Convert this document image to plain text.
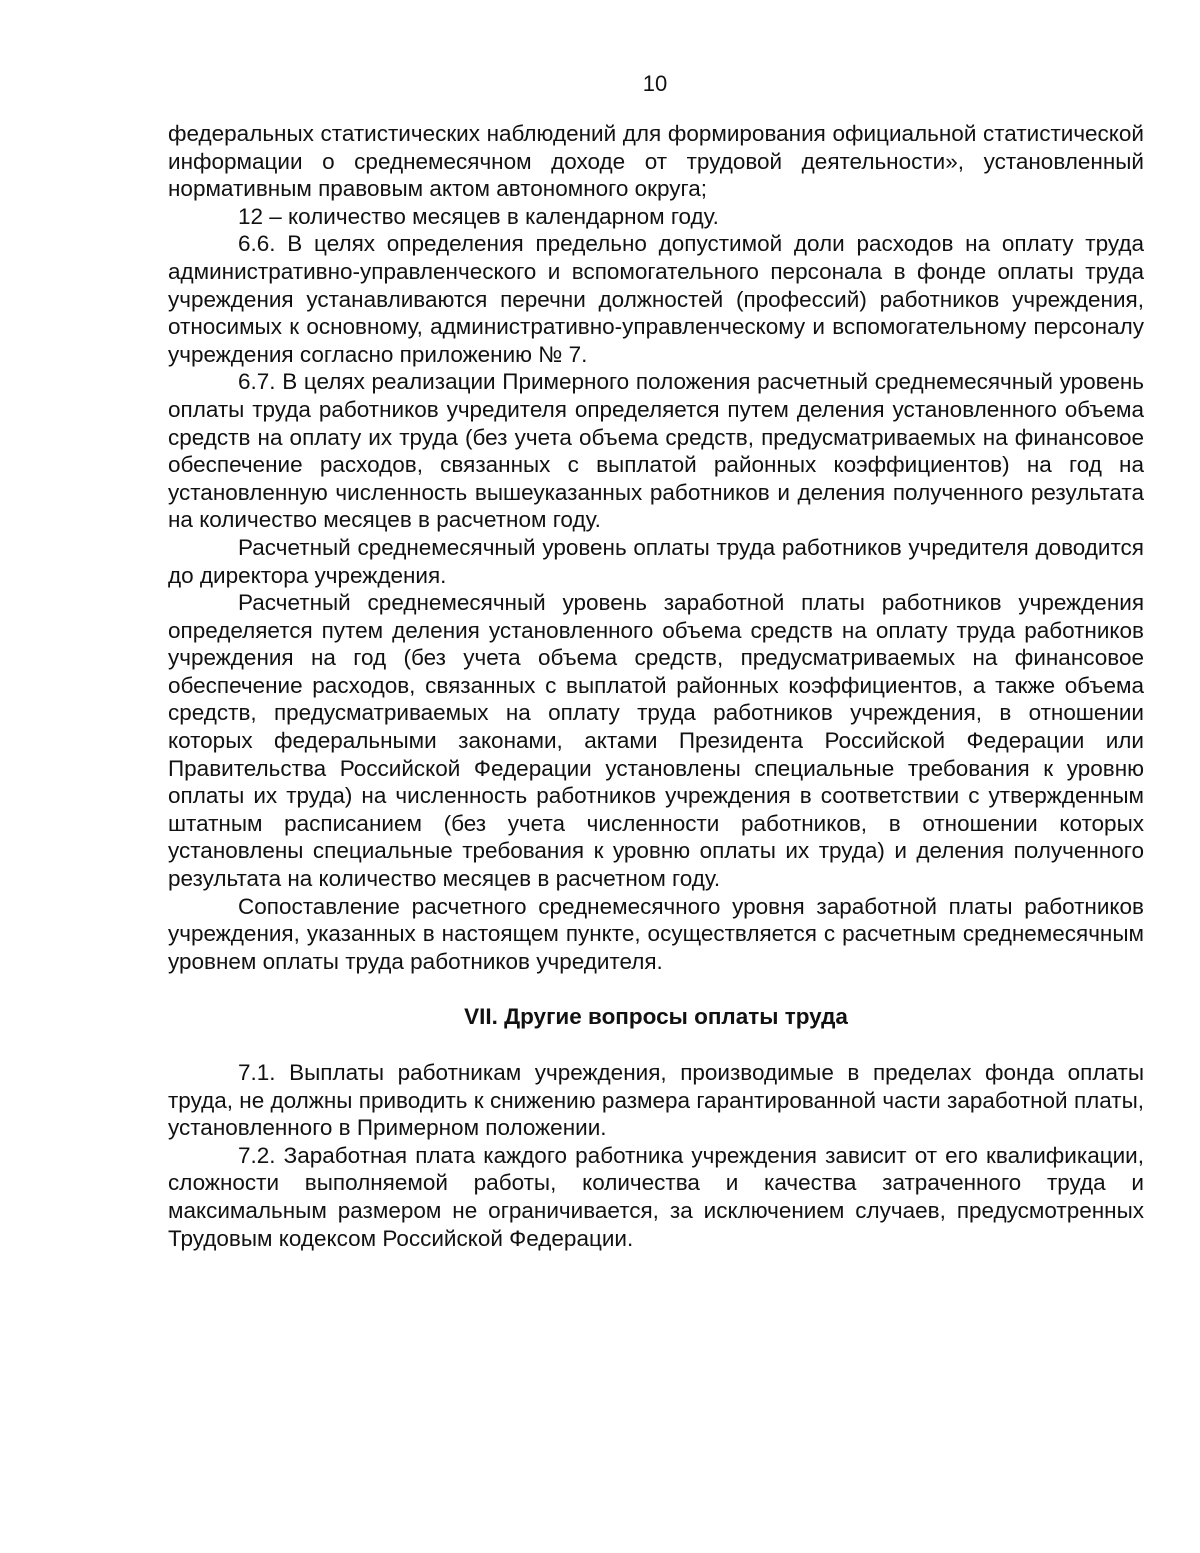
10

федеральных статистических наблюдений для формирования официальной статистической информации о среднемесячном доходе от трудовой деятельности», установленный нормативным правовым актом автономного округа;

12 – количество месяцев в календарном году.

6.6. В целях определения предельно допустимой доли расходов на оплату труда административно-управленческого и вспомогательного персонала в фонде оплаты труда учреждения устанавливаются перечни должностей (профессий) работников учреждения, относимых к основному, административно-управленческому и вспомогательному персоналу учреждения согласно приложению № 7.

6.7. В целях реализации Примерного положения расчетный среднемесячный уровень оплаты труда работников учредителя определяется путем деления установленного объема средств на оплату их труда (без учета объема средств, предусматриваемых на финансовое обеспечение расходов, связанных с выплатой районных коэффициентов) на год на установленную численность вышеуказанных работников и деления полученного результата на количество месяцев в расчетном году.

Расчетный среднемесячный уровень оплаты труда работников учредителя доводится до директора учреждения.

Расчетный среднемесячный уровень заработной платы работников учреждения определяется путем деления установленного объема средств на оплату труда работников учреждения на год (без учета объема средств, предусматриваемых на финансовое обеспечение расходов, связанных с выплатой районных коэффициентов, а также объема средств, предусматриваемых на оплату труда работников учреждения, в отношении которых федеральными законами, актами Президента Российской Федерации или Правительства Российской Федерации установлены специальные требования к уровню оплаты их труда) на численность работников учреждения в соответствии с утвержденным штатным расписанием (без учета численности работников, в отношении которых установлены специальные требования к уровню оплаты их труда) и деления полученного результата на количество месяцев в расчетном году.

Сопоставление расчетного среднемесячного уровня заработной платы работников учреждения, указанных в настоящем пункте, осуществляется с расчетным среднемесячным уровнем оплаты труда работников учредителя.

VII. Другие вопросы оплаты труда

7.1. Выплаты работникам учреждения, производимые в пределах фонда оплаты труда, не должны приводить к снижению размера гарантированной части заработной платы, установленного в Примерном положении.

7.2. Заработная плата каждого работника учреждения зависит от его квалификации, сложности выполняемой работы, количества и качества затраченного труда и максимальным размером не ограничивается, за исключением случаев, предусмотренных Трудовым кодексом Российской Федерации.
